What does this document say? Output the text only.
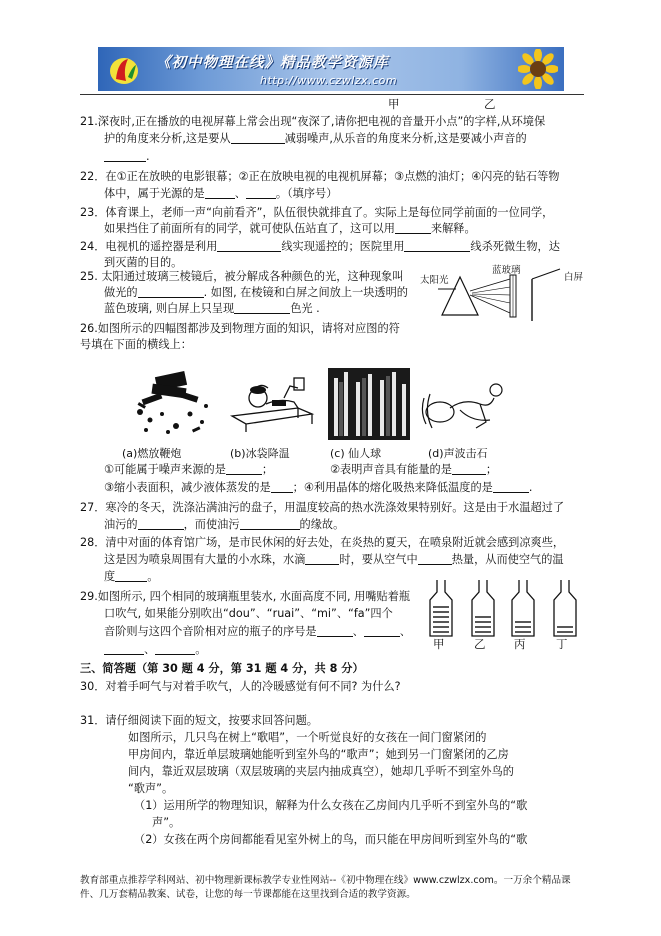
《初中物理在线》精品教学资源库
http://www.czwlzx.com
甲	乙
21.深夜时,正在播放的电视屏幕上常会出现“夜深了,请你把电视的音量开小点”的字样,从环境保
护的角度来分析,这是要从	减弱噪声,从乐音的角度来分析,这是要减小声音的
.
22．在①正在放映的电影银幕；②正在放映电视的电视机屏幕；③点燃的油灯；④闪亮的钻石等物
体中，属于光源的是	、	。（填序号）
23．体育课上，老师一声“向前看齐”，队伍很快就排直了。实际上是每位同学前面的一位同学，
如果挡住了前面所有的同学，就可使队伍站直了，这可以用	来解释。
24．电视机的遥控器是利用	线实现遥控的；医院里用	线杀死微生物，达
到灭菌的目的。
25. 太阳通过玻璃三棱镜后，被分解成各种颜色的光，这种现象叫
做光的	. 如图, 在棱镜和白屏之间放上一块透明的
蓝色玻璃, 则白屏上只呈现	色光 .
太阳光
蓝玻璃
白屏
26.如图所示的四幅图都涉及到物理方面的知识，请将对应图的符
号填在下面的横线上：
(a)燃放鞭炮	(b)冰袋降温	(c) 仙人球	(d)声波击石
①可能属于噪声来源的是	；	②表明声音具有能量的是	；
③缩小表面积，减少液体蒸发的是 ；④利用晶体的熔化吸热来降低温度的是	.
27．寒冷的冬天，洗涤沾满油污的盘子，用温度较高的热水洗涤效果特别好。这是由于水温超过了
油污的	，而使油污	的缘故。
28．清中对面的体育馆广场，是市民休闲的好去处，在炎热的夏天，在喷泉附近就会感到凉爽些，
这是因为喷泉周围有大量的小水珠，水滴	时，要从空气中	热量，从而使空气的温
度	。
29.如图所示, 四个相同的玻璃瓶里装水, 水面高度不同, 用嘴贴着瓶
口吹气, 如果能分别吹出“dou”、“ruai”、“mi”、“fa”四个
音阶则与这四个音阶相对应的瓶子的序号是	、	、
、	。	甲	乙 丙	丁
三、简答题（第 30 题 4 分，第 31 题 4 分，共 8 分）
30．对着手呵气与对着手吹气，人的冷暖感觉有何不同? 为什么?
31．请仔细阅读下面的短文，按要求回答问题。
如图所示，几只鸟在树上“歌唱”，一个听觉良好的女孩在一间门窗紧闭的
甲房间内，靠近单层玻璃她能听到室外鸟的“歌声”；她到另一门窗紧闭的乙房
间内，靠近双层玻璃（双层玻璃的夹层内抽成真空），她却几乎听不到室外鸟的
“歌声”。
（1）运用所学的物理知识，解释为什么女孩在乙房间内几乎听不到室外鸟的“歌
声”。
（2）女孩在两个房间都能看见室外树上的鸟，而只能在甲房间听到室外鸟的“歌
教育部重点推荐学科网站、初中物理新课标教学专业性网站--《初中物理在线》www.czwlzx.com。一万余个精品课件、几万套精品教案、试卷，让您的每一节课都能在这里找到合适的教学资源。
